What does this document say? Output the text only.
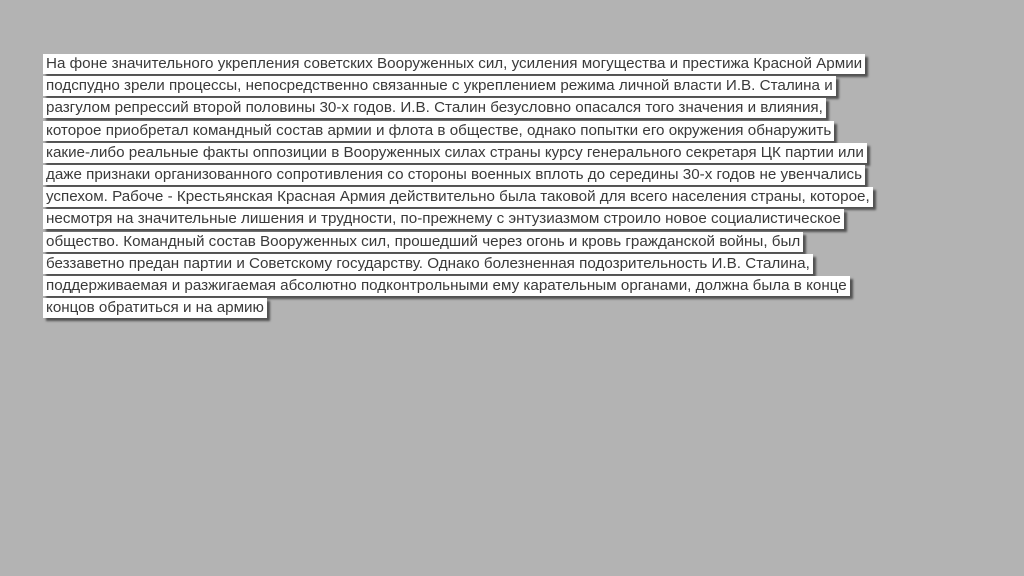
На фоне значительного укрепления советских Вооруженных сил, усиления могущества и престижа Красной Армии
подспудно зрели процессы, непосредственно связанные с укреплением режима личной власти И.В. Сталина и
разгулом репрессий второй половины 30-х годов. И.В. Сталин безусловно опасался того значения и влияния,
которое приобретал командный состав армии и флота в обществе, однако попытки его окружения обнаружить
какие-либо реальные факты оппозиции в Вооруженных силах страны курсу генерального секретаря ЦК партии или
даже признаки организованного сопротивления со стороны военных вплоть до середины 30-х годов не увенчались
успехом. Рабоче - Крестьянская Красная Армия действительно была таковой для всего населения страны, которое,
несмотря на значительные лишения и трудности, по-прежнему с энтузиазмом строило новое социалистическое
общество. Командный состав Вооруженных сил, прошедший через огонь и кровь гражданской войны, был
беззаветно предан партии и Советскому государству. Однако болезненная подозрительность И.В. Сталина,
поддерживаемая и разжигаемая абсолютно подконтрольными ему карательным органами, должна была в конце
концов обратиться и на армию
